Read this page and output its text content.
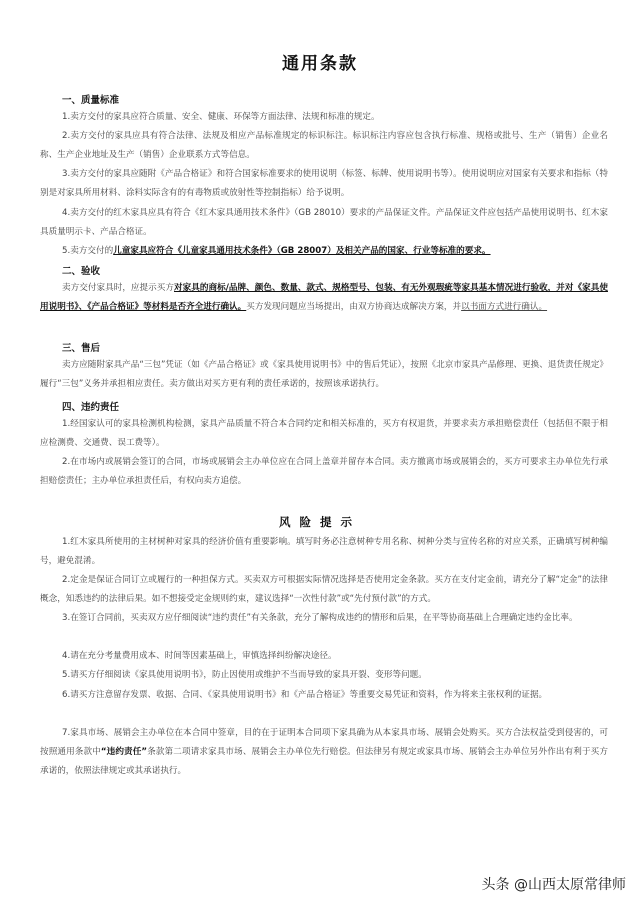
通用条款
一、质量标准
1.卖方交付的家具应符合质量、安全、健康、环保等方面法律、法规和标准的规定。
2.卖方交付的家具应具有符合法律、法规及相应产品标准规定的标识标注。标识标注内容应包含执行标准、规格或批号、生产（销售）企业名称、生产企业地址及生产（销售）企业联系方式等信息。
3.卖方交付的家具应随附《产品合格证》和符合国家标准要求的使用说明（标签、标牌、使用说明书等）。使用说明应对国家有关要求和指标（特别是对家具所用材料、涂料实际含有的有毒物质或放射性等控制指标）给予说明。
4.卖方交付的红木家具应具有符合《红木家具通用技术条件》（GB 28010）要求的产品保证文件。产品保证文件应包括产品使用说明书、红木家具质量明示卡、产品合格证。
5.卖方交付的儿童家具应符合《儿童家具通用技术条件》（GB 28007）及相关产品的国家、行业等标准的要求。
二、验收
卖方交付家具时，应提示买方对家具的商标/品牌、颜色、数量、款式、规格型号、包装、有无外观瑕疵等家具基本情况进行验收，并对《家具使用说明书》、《产品合格证》等材料是否齐全进行确认。买方发现问题应当场提出，由双方协商达成解决方案，并以书面方式进行确认。
三、售后
卖方应随附家具产品“三包”凭证（如《产品合格证》或《家具使用说明书》中的售后凭证），按照《北京市家具产品修理、更换、退货责任规定》履行“三包”义务并承担相应责任。卖方做出对买方更有利的责任承诺的，按照该承诺执行。
四、违约责任
1.经国家认可的家具检测机构检测，家具产品质量不符合本合同约定和相关标准的，买方有权退货，并要求卖方承担赔偿责任（包括但不限于相应检测费、交通费、误工费等）。
2.在市场内或展销会签订的合同，市场或展销会主办单位应在合同上盖章并留存本合同。卖方撤离市场或展销会的，买方可要求主办单位先行承担赔偿责任；主办单位承担责任后，有权向卖方追偿。
风险提示
1.红木家具所使用的主材树种对家具的经济价值有重要影响。填写时务必注意树种专用名称、树种分类与宣传名称的对应关系，正确填写树种编号，避免混淆。
2.定金是保证合同订立或履行的一种担保方式。买卖双方可根据实际情况选择是否使用定金条款。买方在支付定金前，请充分了解“定金”的法律概念，知悉违约的法律后果。如不想接受定金规则约束，建议选择“一次性付款”或“先付预付款”的方式。
3.在签订合同前，买卖双方应仔细阅读“违约责任”有关条款，充分了解构成违约的情形和后果，在平等协商基础上合理确定违约金比率。
4.请在充分考量费用成本、时间等因素基础上，审慎选择纠纷解决途径。
5.请买方仔细阅读《家具使用说明书》，防止因使用或维护不当而导致的家具开裂、变形等问题。
6.请买方注意留存发票、收据、合同、《家具使用说明书》和《产品合格证》等重要交易凭证和资料，作为将来主张权利的证据。
7.家具市场、展销会主办单位在本合同中签章，目的在于证明本合同项下家具确为从本家具市场、展销会处购买。买方合法权益受到侵害的，可按照通用条款中“违约责任”条款第二项请求家具市场、展销会主办单位先行赔偿。但法律另有规定或家具市场、展销会主办单位另外作出有利于买方承诺的，依照法律规定或其承诺执行。
头条 @山西太原常律师
